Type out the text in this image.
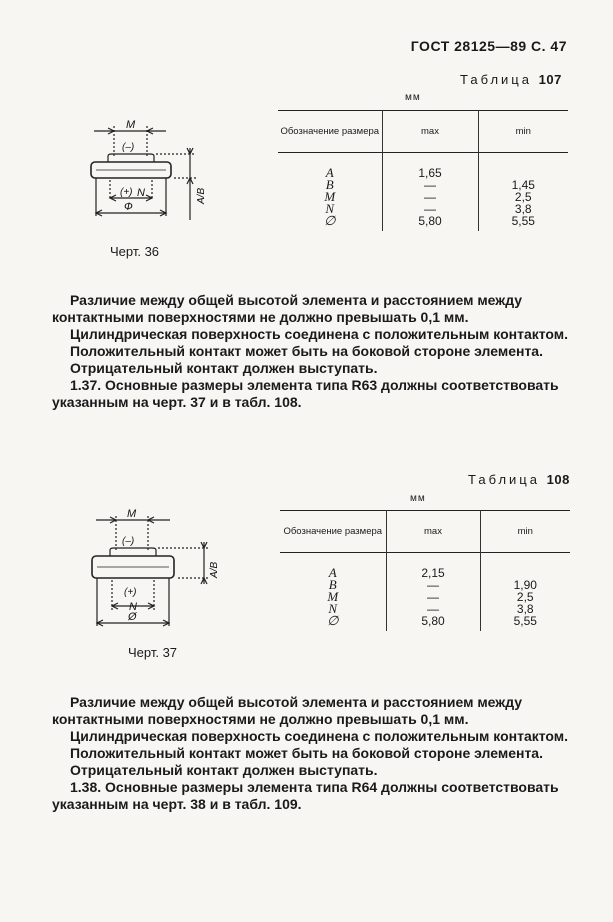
ГОСТ 28125—89 С. 47
Таблица 107
мм
Обозначение размера	max	min
A	1,65	
B	—	1,45
M	—	2,5
N	—	3,8
∅	5,80	5,55
M
(–)
(+) N
Ф
A/B
Черт. 36

Различие между общей высотой элемента и расстоянием между контактными поверхностями не должно превышать 0,1 мм.

Цилиндрическая поверхность соединена с положительным контактом.

Положительный контакт может быть на боковой стороне элемента.

Отрицательный контакт должен выступать.

1.37. Основные размеры элемента типа R63 должны соответствовать указанным на черт. 37 и в табл. 108.

Таблица 108
мм
Обозначение размера	max	min
A	2,15	
B	—	1,90
M	—	2,5
N	—	3,8
∅	5,80	5,55
M
(–)
(+)
N
Ø
A/B
Черт. 37

Различие между общей высотой элемента и расстоянием между контактными поверхностями не должно превышать 0,1 мм.

Цилиндрическая поверхность соединена с положительным контактом.

Положительный контакт может быть на боковой стороне элемента.

Отрицательный контакт должен выступать.

1.38. Основные размеры элемента типа R64 должны соответствовать указанным на черт. 38 и в табл. 109.
